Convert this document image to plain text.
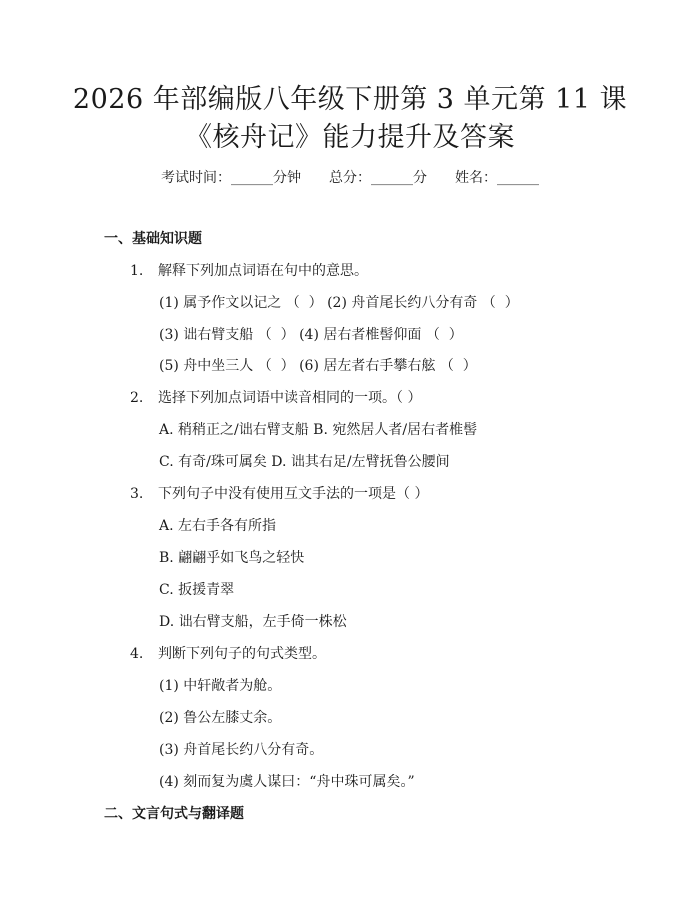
2026 年部编版八年级下册第 3 单元第 11 课
《核舟记》能力提升及答案
考试时间：______分钟 总分：______分 姓名：______
一、基础知识题
1. 解释下列加点词语在句中的意思。
(1) 属予作文以记之 （  ） (2) 舟首尾长约八分有奇 （  ）
(3) 诎右臂支船 （  ） (4) 居右者椎髻仰面 （  ）
(5) 舟中坐三人 （  ） (6) 居左者右手攀右舷 （  ）
2. 选择下列加点词语中读音相同的一项。（ ）
A. 稍稍正之/诎右臂支船 B. 宛然居人者/居右者椎髻
C. 有奇/珠可属矣 D. 诎其右足/左臂抚鲁公腰间
3. 下列句子中没有使用互文手法的一项是（ ）
A. 左右手各有所指
B. 翩翩乎如飞鸟之轻快
C. 扳援青翠
D. 诎右臂支船，左手倚一株松
4. 判断下列句子的句式类型。
(1) 中轩敞者为舱。
(2) 鲁公左膝丈余。
(3) 舟首尾长约八分有奇。
(4) 刻而复为虞人谋曰：“舟中珠可属矣。”
二、文言句式与翻译题
